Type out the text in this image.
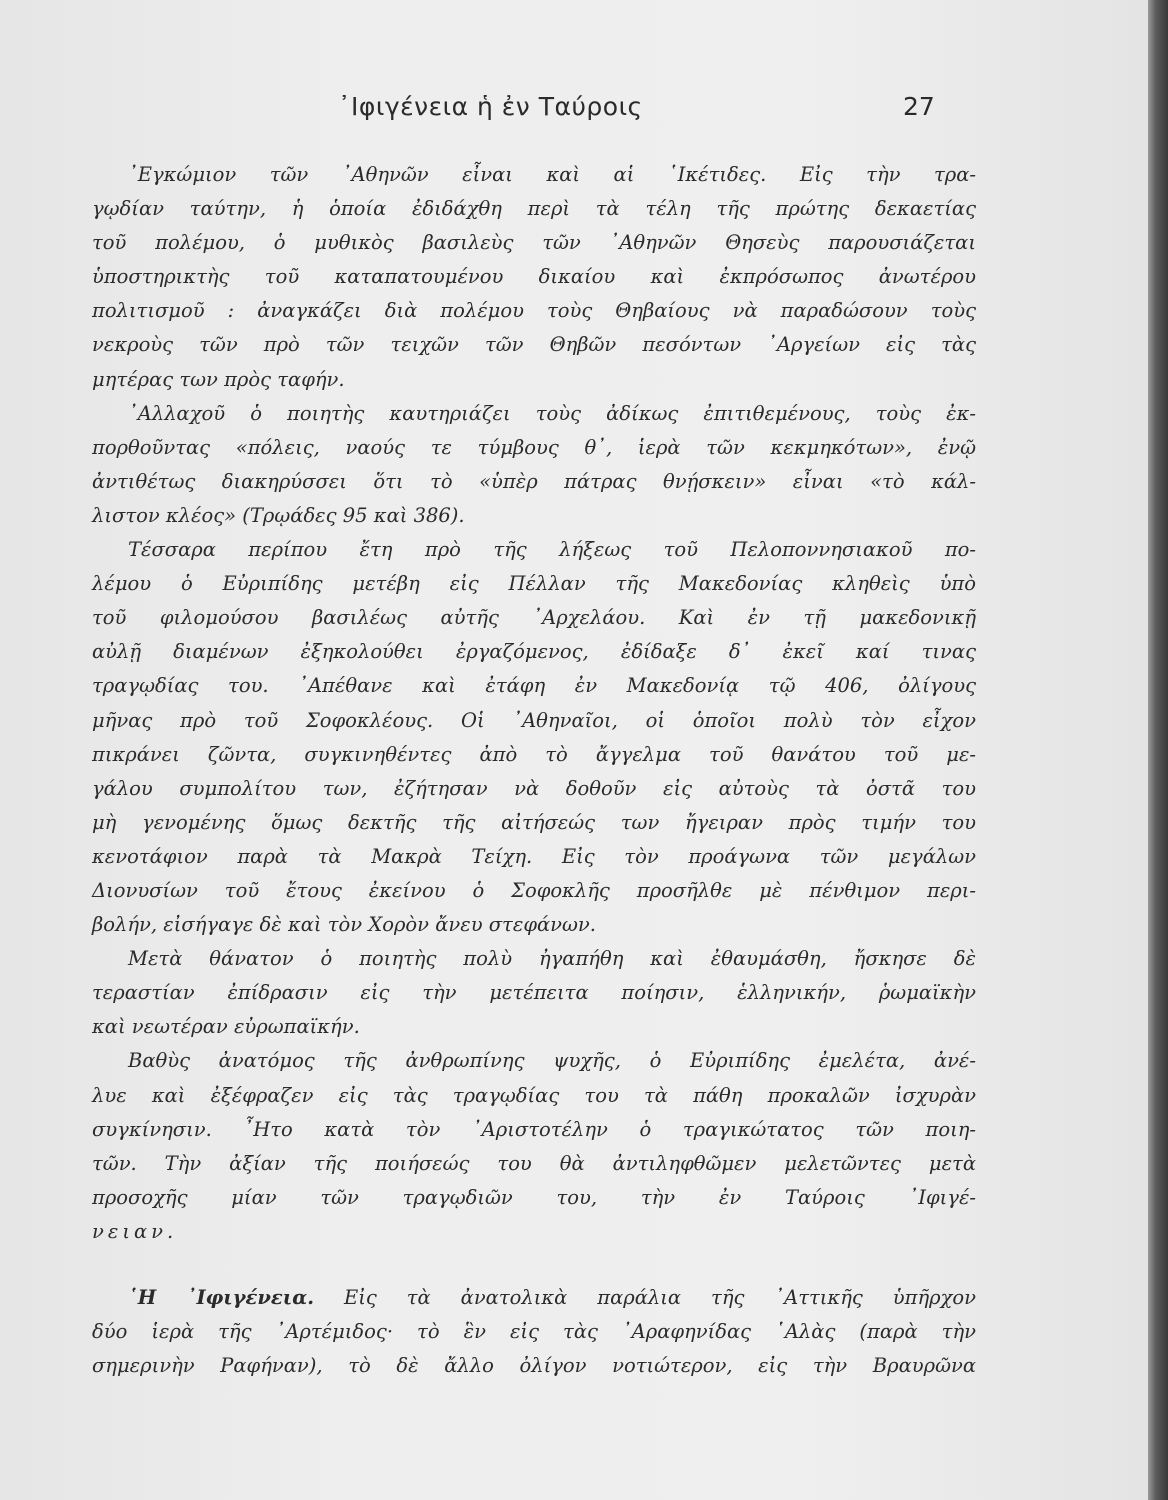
᾿Ιφιγένεια ἡ ἐν Ταύροις	27
᾿Εγκώμιον τῶν ᾿Αθηνῶν εἶναι καὶ αἱ ῾Ικέτιδες. Εἰς τὴν τρα-
γῳδίαν ταύτην, ἡ ὁποία ἐδιδάχθη περὶ τὰ τέλη τῆς πρώτης δεκαετίας
τοῦ πολέμου, ὁ μυθικὸς βασιλεὺς τῶν ᾿Αθηνῶν Θησεὺς παρουσιάζεται
ὑποστηρικτὴς τοῦ καταπατουμένου δικαίου καὶ ἐκπρόσωπος ἀνωτέρου
πολιτισμοῦ : ἀναγκάζει διὰ πολέμου τοὺς Θηβαίους νὰ παραδώσουν τοὺς
νεκροὺς τῶν πρὸ τῶν τειχῶν τῶν Θηβῶν πεσόντων ᾿Αργείων εἰς τὰς
μητέρας των πρὸς ταφήν.
᾿Αλλαχοῦ ὁ ποιητὴς καυτηριάζει τοὺς ἀδίκως ἐπιτιθεμένους, τοὺς ἐκ-
πορθοῦντας «πόλεις, ναούς τε τύμβους θ᾿, ἱερὰ τῶν κεκμηκότων», ἐνῷ
ἀντιθέτως διακηρύσσει ὅτι τὸ «ὑπὲρ πάτρας θνῄσκειν» εἶναι «τὸ κάλ-
λιστον κλέος» (Τρῳάδες 95 καὶ 386).
Τέσσαρα περίπου ἔτη πρὸ τῆς λήξεως τοῦ Πελοποννησιακοῦ πο-
λέμου ὁ Εὐριπίδης μετέβη εἰς Πέλλαν τῆς Μακεδονίας κληθεὶς ὑπὸ
τοῦ φιλομούσου βασιλέως αὐτῆς ᾿Αρχελάου. Καὶ ἐν τῇ μακεδονικῇ
αὐλῇ διαμένων ἐξηκολούθει ἐργαζόμενος, ἐδίδαξε δ᾿ ἐκεῖ καί τινας
τραγῳδίας του. ᾿Απέθανε καὶ ἐτάφη ἐν Μακεδονίᾳ τῷ 406, ὀλίγους
μῆνας πρὸ τοῦ Σοφοκλέους. Οἱ ᾿Αθηναῖοι, οἱ ὁποῖοι πολὺ τὸν εἶχον
πικράνει ζῶντα, συγκινηθέντες ἀπὸ τὸ ἄγγελμα τοῦ θανάτου τοῦ με-
γάλου συμπολίτου των, ἐζήτησαν νὰ δοθοῦν εἰς αὐτοὺς τὰ ὀστᾶ του
μὴ γενομένης ὅμως δεκτῆς τῆς αἰτήσεώς των ἤγειραν πρὸς τιμήν του
κενοτάφιον παρὰ τὰ Μακρὰ Τείχη. Εἰς τὸν προάγωνα τῶν μεγάλων
Διονυσίων τοῦ ἔτους ἐκείνου ὁ Σοφοκλῆς προσῆλθε μὲ πένθιμον περι-
βολήν, εἰσήγαγε δὲ καὶ τὸν Χορὸν ἄνευ στεφάνων.
Μετὰ θάνατον ὁ ποιητὴς πολὺ ἠγαπήθη καὶ ἐθαυμάσθη, ἤσκησε δὲ
τεραστίαν ἐπίδρασιν εἰς τὴν μετέπειτα ποίησιν, ἑλληνικήν, ῥωμαϊκὴν
καὶ νεωτέραν εὐρωπαϊκήν.
Βαθὺς ἀνατόμος τῆς ἀνθρωπίνης ψυχῆς, ὁ Εὐριπίδης ἐμελέτα, ἀνέ-
λυε καὶ ἐξέφραζεν εἰς τὰς τραγῳδίας του τὰ πάθη προκαλῶν ἰσχυρὰν
συγκίνησιν. ῏Ητο κατὰ τὸν ᾿Αριστοτέλην ὁ τραγικώτατος τῶν ποιη-
τῶν. Τὴν ἀξίαν τῆς ποιήσεώς του θὰ ἀντιληφθῶμεν μελετῶντες μετὰ
προσοχῆς μίαν τῶν τραγῳδιῶν του, τὴν ἐν Ταύροις ᾿Ιφιγέ-
νειαν.
῾Η ᾿Ιφιγένεια. Εἰς τὰ ἀνατολικὰ παράλια τῆς ᾿Αττικῆς ὑπῆρχον
δύο ἱερὰ τῆς ᾿Αρτέμιδος· τὸ ἓν εἰς τὰς ᾿Αραφηνίδας ῾Αλὰς (παρὰ τὴν
σημερινὴν Ραφήναν), τὸ δὲ ἄλλο ὀλίγον νοτιώτερον, εἰς τὴν Βραυρῶνα
